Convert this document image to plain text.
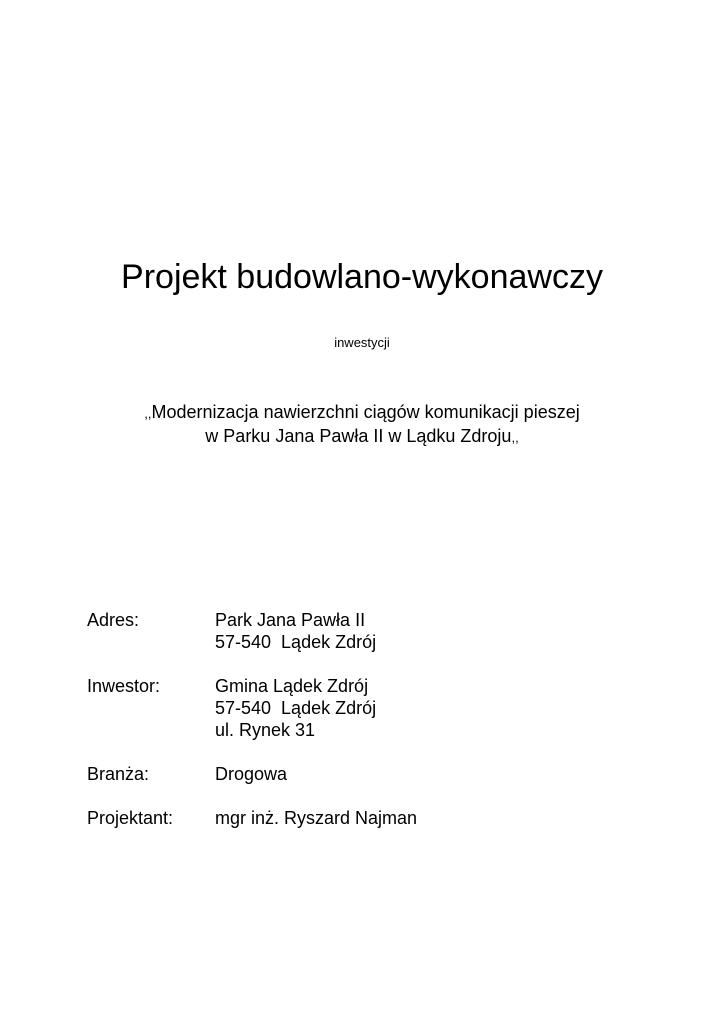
Projekt budowlano-wykonawczy

inwestycji

,,Modernizacja nawierzchni ciągów komunikacji pieszej
w Parku Jana Pawła II w Lądku Zdroju,,
Adres:	Park Jana Pawła II
57-540  Lądek Zdrój
Inwestor:	Gmina Lądek Zdrój
57-540  Lądek Zdrój
ul. Rynek 31
Branża:	Drogowa
Projektant:	mgr inż. Ryszard Najman
